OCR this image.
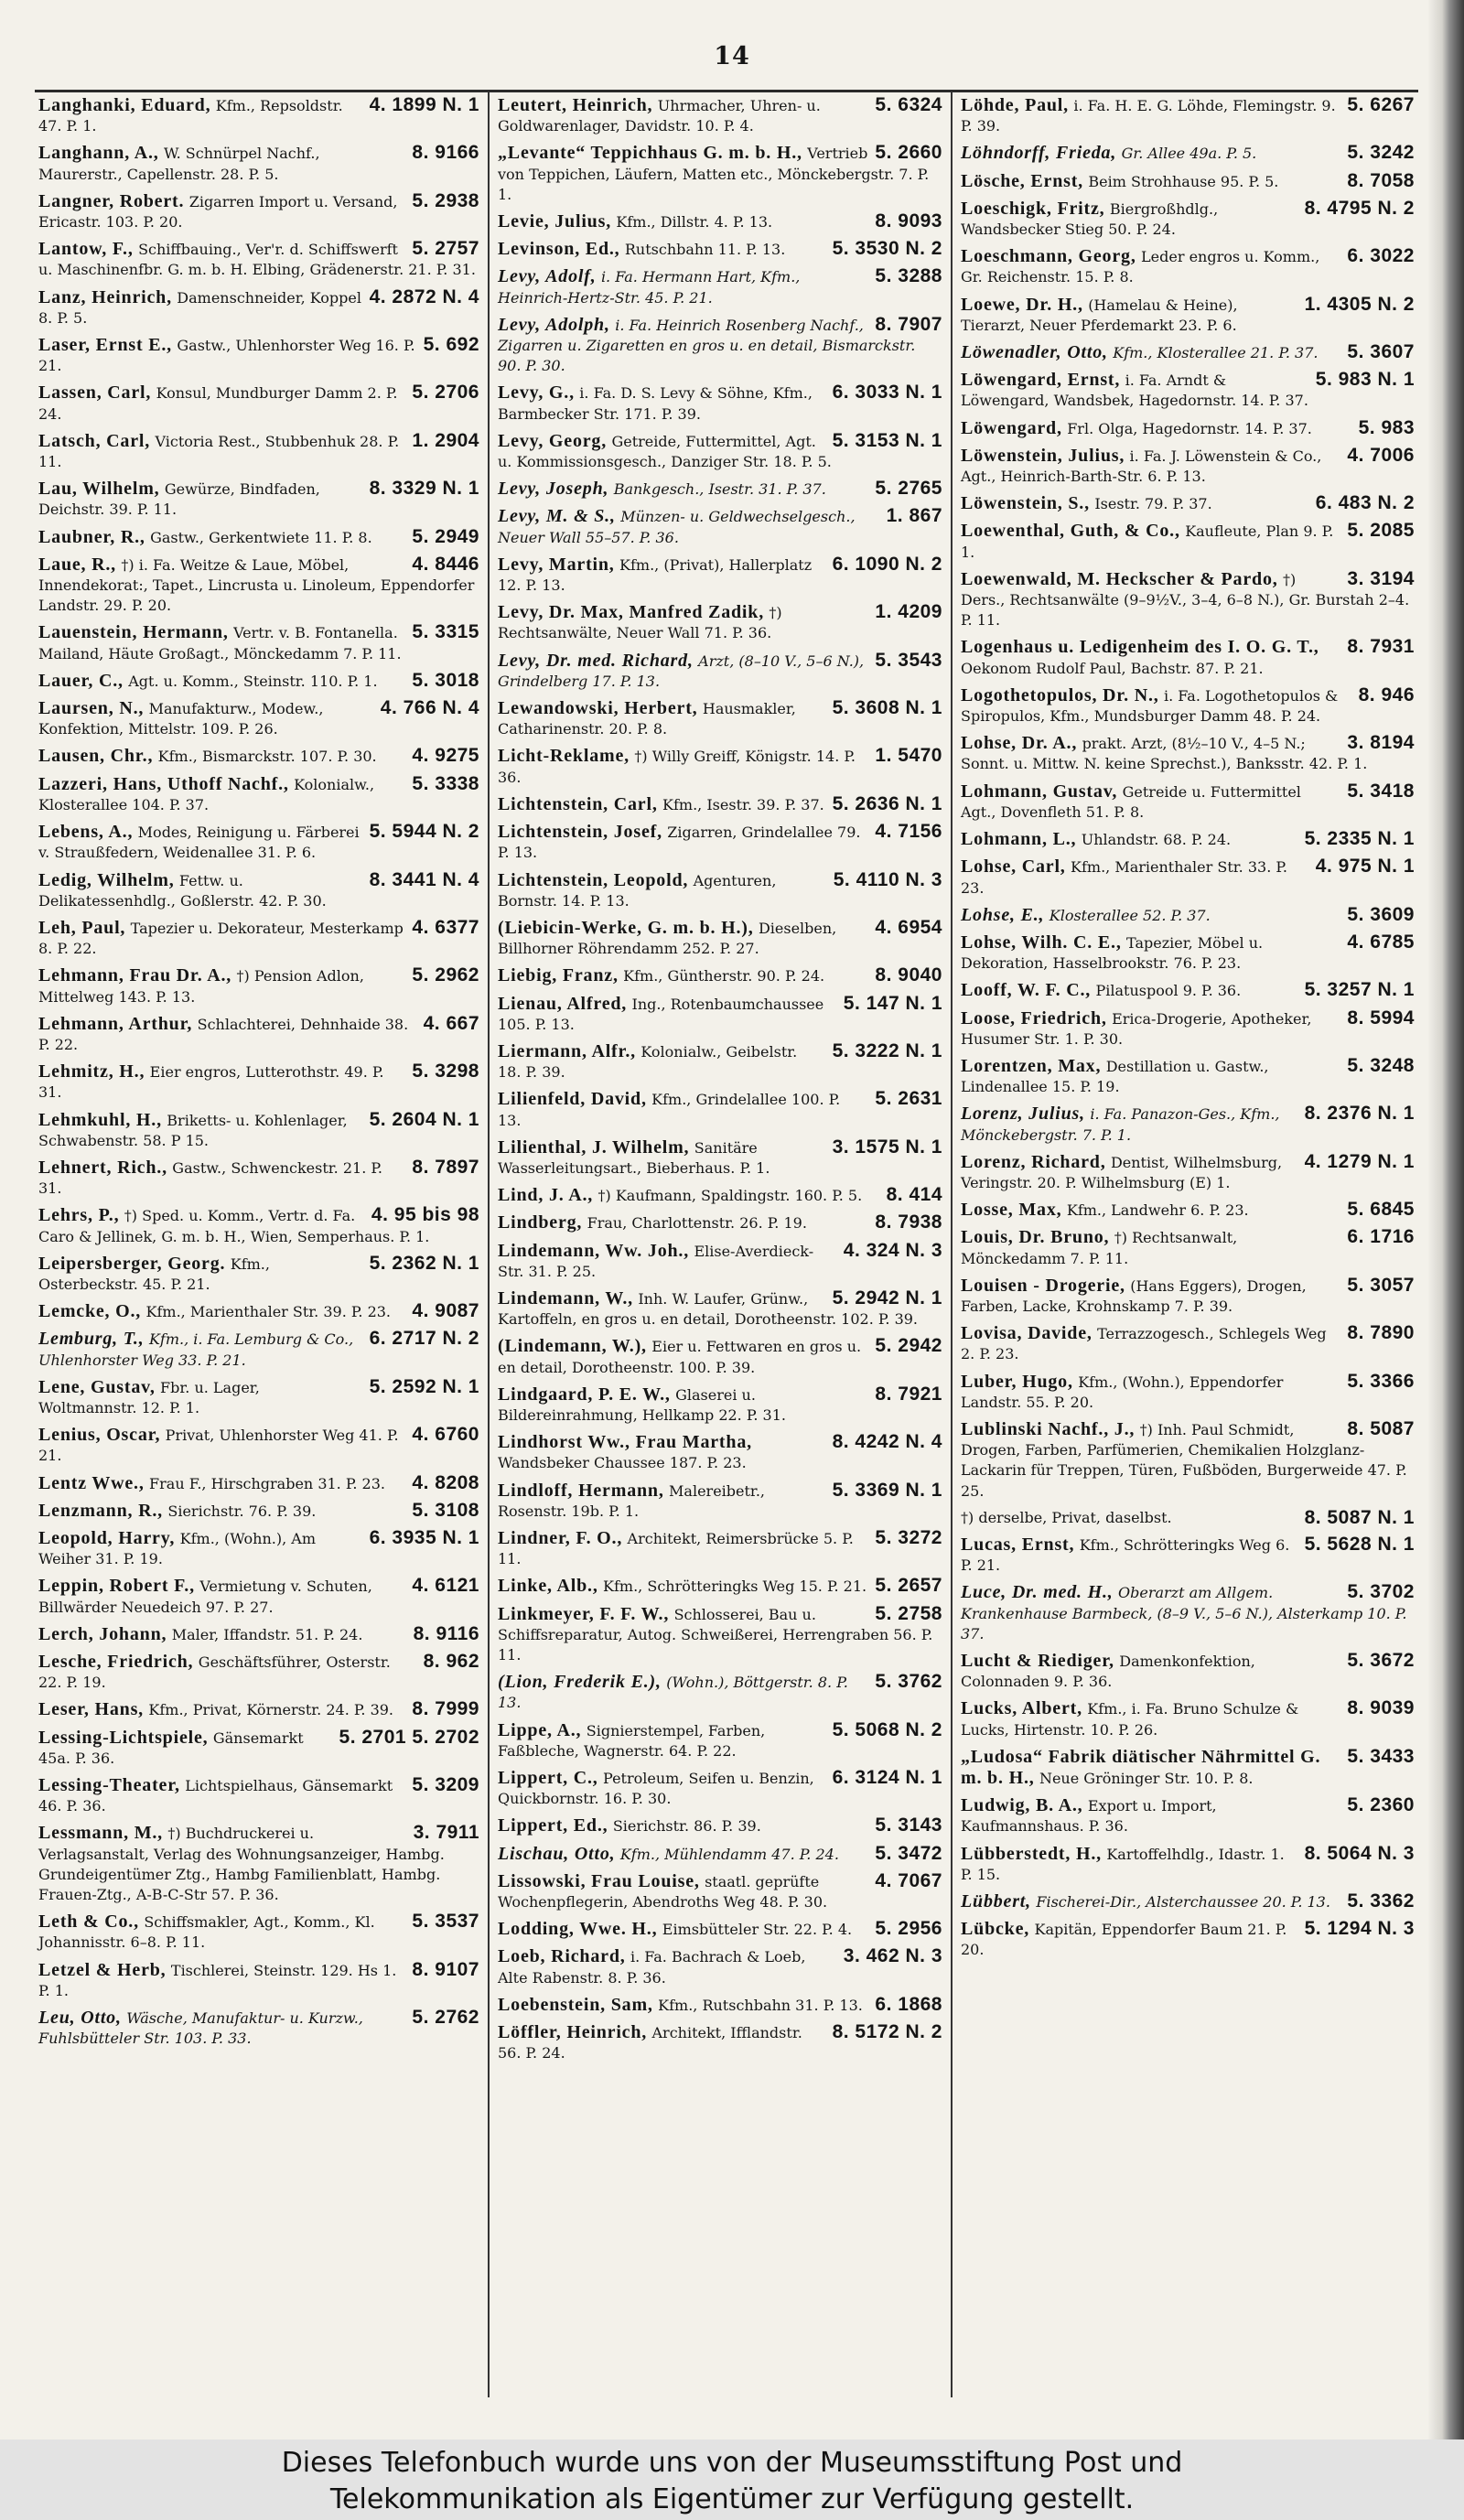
14
4. 1899 N. 1
Langhanki, Eduard, Kfm., Repsoldstr. 47. P. 1.
8. 9166
Langhann, A., W. Schnürpel Nachf., Maurerstr., Capellenstr. 28. P. 5.
5. 2938
Langner, Robert. Zigarren Import u. Versand, Ericastr. 103. P. 20.
5. 2757
Lantow, F., Schiffbauing., Ver'r. d. Schiffswerft u. Maschinenfbr. G. m. b. H. Elbing, Grädenerstr. 21. P. 31.
4. 2872 N. 4
Lanz, Heinrich, Damenschneider, Koppel 8. P. 5.
5. 692
Laser, Ernst E., Gastw., Uhlenhorster Weg 16. P. 21.
5. 2706
Lassen, Carl, Konsul, Mundburger Damm 2. P. 24.
1. 2904
Latsch, Carl, Victoria Rest., Stubbenhuk 28. P. 11.
8. 3329 N. 1
Lau, Wilhelm, Gewürze, Bindfaden, Deichstr. 39. P. 11.
5. 2949
Laubner, R., Gastw., Gerkentwiete 11. P. 8.
4. 8446
Laue, R., †) i. Fa. Weitze & Laue, Möbel, Innendekorat:, Tapet., Lincrusta u. Linoleum, Eppendorfer Landstr. 29. P. 20.
5. 3315
Lauenstein, Hermann, Vertr. v. B. Fontanella. Mailand, Häute Großagt., Mönckedamm 7. P. 11.
5. 3018
Lauer, C., Agt. u. Komm., Steinstr. 110. P. 1.
4. 766 N. 4
Laursen, N., Manufakturw., Modew., Konfektion, Mittelstr. 109. P. 26.
4. 9275
Lausen, Chr., Kfm., Bismarckstr. 107. P. 30.
5. 3338
Lazzeri, Hans, Uthoff Nachf., Kolonialw., Klosterallee 104. P. 37.
5. 5944 N. 2
Lebens, A., Modes, Reinigung u. Färberei v. Straußfedern, Weidenallee 31. P. 6.
8. 3441 N. 4
Ledig, Wilhelm, Fettw. u. Delikatessenhdlg., Goßlerstr. 42. P. 30.
4. 6377
Leh, Paul, Tapezier u. Dekorateur, Mesterkamp 8. P. 22.
5. 2962
Lehmann, Frau Dr. A., †) Pension Adlon, Mittelweg 143. P. 13.
4. 667
Lehmann, Arthur, Schlachterei, Dehnhaide 38. P. 22.
5. 3298
Lehmitz, H., Eier engros, Lutterothstr. 49. P. 31.
5. 2604 N. 1
Lehmkuhl, H., Briketts- u. Kohlenlager, Schwabenstr. 58. P 15.
8. 7897
Lehnert, Rich., Gastw., Schwenckestr. 21. P. 31.
4. 95 bis 98
Lehrs, P., †) Sped. u. Komm., Vertr. d. Fa. Caro & Jellinek, G. m. b. H., Wien, Semperhaus. P. 1.
5. 2362 N. 1
Leipersberger, Georg. Kfm., Osterbeckstr. 45. P. 21.
4. 9087
Lemcke, O., Kfm., Marienthaler Str. 39. P. 23.
6. 2717 N. 2
Lemburg, T., Kfm., i. Fa. Lemburg & Co., Uhlenhorster Weg 33. P. 21.
5. 2592 N. 1
Lene, Gustav, Fbr. u. Lager, Woltmannstr. 12. P. 1.
4. 6760
Lenius, Oscar, Privat, Uhlenhorster Weg 41. P. 21.
4. 8208
Lentz Wwe., Frau F., Hirschgraben 31. P. 23.
5. 3108
Lenzmann, R., Sierichstr. 76. P. 39.
6. 3935 N. 1
Leopold, Harry, Kfm., (Wohn.), Am Weiher 31. P. 19.
4. 6121
Leppin, Robert F., Vermietung v. Schuten, Billwärder Neuedeich 97. P. 27.
8. 9116
Lerch, Johann, Maler, Iffandstr. 51. P. 24.
8. 962
Lesche, Friedrich, Geschäftsführer, Osterstr. 22. P. 19.
8. 7999
Leser, Hans, Kfm., Privat, Körnerstr. 24. P. 39.
5. 2701 5. 2702
Lessing-Lichtspiele, Gänsemarkt 45a. P. 36.
5. 3209
Lessing-Theater, Lichtspielhaus, Gänsemarkt 46. P. 36.
3. 7911
Lessmann, M., †) Buchdruckerei u. Verlagsanstalt, Verlag des Wohnungsanzeiger, Hambg. Grundeigentümer Ztg., Hambg Familienblatt, Hambg. Frauen-Ztg., A-B-C-Str 57. P. 36.
5. 3537
Leth & Co., Schiffsmakler, Agt., Komm., Kl. Johannisstr. 6–8. P. 11.
8. 9107
Letzel & Herb, Tischlerei, Steinstr. 129. Hs 1. P. 1.
5. 2762
Leu, Otto, Wäsche, Manufaktur- u. Kurzw., Fuhlsbütteler Str. 103. P. 33.
5. 6324
Leutert, Heinrich, Uhrmacher, Uhren- u. Goldwarenlager, Davidstr. 10. P. 4.
5. 2660
„Levante“ Teppichhaus G. m. b. H., Vertrieb von Teppichen, Läufern, Matten etc., Mönckebergstr. 7. P. 1.
8. 9093
Levie, Julius, Kfm., Dillstr. 4. P. 13.
5. 3530 N. 2
Levinson, Ed., Rutschbahn 11. P. 13.
5. 3288
Levy, Adolf, i. Fa. Hermann Hart, Kfm., Heinrich-Hertz-Str. 45. P. 21.
8. 7907
Levy, Adolph, i. Fa. Heinrich Rosenberg Nachf., Zigarren u. Zigaretten en gros u. en detail, Bismarckstr. 90. P. 30.
6. 3033 N. 1
Levy, G., i. Fa. D. S. Levy & Söhne, Kfm., Barmbecker Str. 171. P. 39.
5. 3153 N. 1
Levy, Georg, Getreide, Futtermittel, Agt. u. Kommissionsgesch., Danziger Str. 18. P. 5.
5. 2765
Levy, Joseph, Bankgesch., Isestr. 31. P. 37.
1. 867
Levy, M. & S., Münzen- u. Geldwechselgesch., Neuer Wall 55–57. P. 36.
6. 1090 N. 2
Levy, Martin, Kfm., (Privat), Hallerplatz 12. P. 13.
1. 4209
Levy, Dr. Max, Manfred Zadik, †) Rechtsanwälte, Neuer Wall 71. P. 36.
5. 3543
Levy, Dr. med. Richard, Arzt, (8–10 V., 5–6 N.), Grindelberg 17. P. 13.
5. 3608 N. 1
Lewandowski, Herbert, Hausmakler, Catharinenstr. 20. P. 8.
1. 5470
Licht-Reklame, †) Willy Greiff, Königstr. 14. P. 36.
5. 2636 N. 1
Lichtenstein, Carl, Kfm., Isestr. 39. P. 37.
4. 7156
Lichtenstein, Josef, Zigarren, Grindelallee 79. P. 13.
5. 4110 N. 3
Lichtenstein, Leopold, Agenturen, Bornstr. 14. P. 13.
4. 6954
(Liebicin-Werke, G. m. b. H.), Dieselben, Billhorner Röhrendamm 252. P. 27.
8. 9040
Liebig, Franz, Kfm., Güntherstr. 90. P. 24.
5. 147 N. 1
Lienau, Alfred, Ing., Rotenbaumchaussee 105. P. 13.
5. 3222 N. 1
Liermann, Alfr., Kolonialw., Geibelstr. 18. P. 39.
5. 2631
Lilienfeld, David, Kfm., Grindelallee 100. P. 13.
3. 1575 N. 1
Lilienthal, J. Wilhelm, Sanitäre Wasserleitungsart., Bieberhaus. P. 1.
8. 414
Lind, J. A., †) Kaufmann, Spaldingstr. 160. P. 5.
8. 7938
Lindberg, Frau, Charlottenstr. 26. P. 19.
4. 324 N. 3
Lindemann, Ww. Joh., Elise-Averdieck-Str. 31. P. 25.
5. 2942 N. 1
Lindemann, W., Inh. W. Laufer, Grünw., Kartoffeln, en gros u. en detail, Dorotheenstr. 102. P. 39.
5. 2942
(Lindemann, W.), Eier u. Fettwaren en gros u. en detail, Dorotheenstr. 100. P. 39.
8. 7921
Lindgaard, P. E. W., Glaserei u. Bildereinrahmung, Hellkamp 22. P. 31.
8. 4242 N. 4
Lindhorst Ww., Frau Martha, Wandsbeker Chaussee 187. P. 23.
5. 3369 N. 1
Lindloff, Hermann, Malereibetr., Rosenstr. 19b. P. 1.
5. 3272
Lindner, F. O., Architekt, Reimersbrücke 5. P. 11.
5. 2657
Linke, Alb., Kfm., Schrötteringks Weg 15. P. 21.
5. 2758
Linkmeyer, F. F. W., Schlosserei, Bau u. Schiffsreparatur, Autog. Schweißerei, Herrengraben 56. P. 11.
5. 3762
(Lion, Frederik E.), (Wohn.), Böttgerstr. 8. P. 13.
5. 5068 N. 2
Lippe, A., Signierstempel, Farben, Faßbleche, Wagnerstr. 64. P. 22.
6. 3124 N. 1
Lippert, C., Petroleum, Seifen u. Benzin, Quickbornstr. 16. P. 30.
5. 3143
Lippert, Ed., Sierichstr. 86. P. 39.
5. 3472
Lischau, Otto, Kfm., Mühlendamm 47. P. 24.
4. 7067
Lissowski, Frau Louise, staatl. geprüfte Wochenpflegerin, Abendroths Weg 48. P. 30.
5. 2956
Lodding, Wwe. H., Eimsbütteler Str. 22. P. 4.
3. 462 N. 3
Loeb, Richard, i. Fa. Bachrach & Loeb, Alte Rabenstr. 8. P. 36.
6. 1868
Loebenstein, Sam, Kfm., Rutschbahn 31. P. 13.
8. 5172 N. 2
Löffler, Heinrich, Architekt, Ifflandstr. 56. P. 24.
5. 6267
Löhde, Paul, i. Fa. H. E. G. Löhde, Flemingstr. 9. P. 39.
5. 3242
Löhndorff, Frieda, Gr. Allee 49a. P. 5.
8. 7058
Lösche, Ernst, Beim Strohhause 95. P. 5.
8. 4795 N. 2
Loeschigk, Fritz, Biergroßhdlg., Wandsbecker Stieg 50. P. 24.
6. 3022
Loeschmann, Georg, Leder engros u. Komm., Gr. Reichenstr. 15. P. 8.
1. 4305 N. 2
Loewe, Dr. H., (Hamelau & Heine), Tierarzt, Neuer Pferdemarkt 23. P. 6.
5. 3607
Löwenadler, Otto, Kfm., Klosterallee 21. P. 37.
5. 983 N. 1
Löwengard, Ernst, i. Fa. Arndt & Löwengard, Wandsbek, Hagedornstr. 14. P. 37.
5. 983
Löwengard, Frl. Olga, Hagedornstr. 14. P. 37.
4. 7006
Löwenstein, Julius, i. Fa. J. Löwenstein & Co., Agt., Heinrich-Barth-Str. 6. P. 13.
6. 483 N. 2
Löwenstein, S., Isestr. 79. P. 37.
5. 2085
Loewenthal, Guth, & Co., Kaufleute, Plan 9. P. 1.
3. 3194
Loewenwald, M. Heckscher & Pardo, †) Ders., Rechtsanwälte (9–9½V., 3–4, 6–8 N.), Gr. Burstah 2–4. P. 11.
8. 7931
Logenhaus u. Ledigenheim des I. O. G. T., Oekonom Rudolf Paul, Bachstr. 87. P. 21.
8. 946
Logothetopulos, Dr. N., i. Fa. Logothetopulos & Spiropulos, Kfm., Mundsburger Damm 48. P. 24.
3. 8194
Lohse, Dr. A., prakt. Arzt, (8½–10 V., 4–5 N.; Sonnt. u. Mittw. N. keine Sprechst.), Banksstr. 42. P. 1.
5. 3418
Lohmann, Gustav, Getreide u. Futtermittel Agt., Dovenfleth 51. P. 8.
5. 2335 N. 1
Lohmann, L., Uhlandstr. 68. P. 24.
4. 975 N. 1
Lohse, Carl, Kfm., Marienthaler Str. 33. P. 23.
5. 3609
Lohse, E., Klosterallee 52. P. 37.
4. 6785
Lohse, Wilh. C. E., Tapezier, Möbel u. Dekoration, Hasselbrookstr. 76. P. 23.
5. 3257 N. 1
Looff, W. F. C., Pilatuspool 9. P. 36.
8. 5994
Loose, Friedrich, Erica-Drogerie, Apotheker, Husumer Str. 1. P. 30.
5. 3248
Lorentzen, Max, Destillation u. Gastw., Lindenallee 15. P. 19.
8. 2376 N. 1
Lorenz, Julius, i. Fa. Panazon-Ges., Kfm., Mönckebergstr. 7. P. 1.
4. 1279 N. 1
Lorenz, Richard, Dentist, Wilhelmsburg, Veringstr. 20. P. Wilhelmsburg (E) 1.
5. 6845
Losse, Max, Kfm., Landwehr 6. P. 23.
6. 1716
Louis, Dr. Bruno, †) Rechtsanwalt, Mönckedamm 7. P. 11.
5. 3057
Louisen - Drogerie, (Hans Eggers), Drogen, Farben, Lacke, Krohnskamp 7. P. 39.
8. 7890
Lovisa, Davide, Terrazzogesch., Schlegels Weg 2. P. 23.
5. 3366
Luber, Hugo, Kfm., (Wohn.), Eppendorfer Landstr. 55. P. 20.
8. 5087
Lublinski Nachf., J., †) Inh. Paul Schmidt, Drogen, Farben, Parfümerien, Chemikalien Holzglanz-Lackarin für Treppen, Türen, Fußböden, Burgerweide 47. P. 25.
8. 5087 N. 1
†) derselbe, Privat, daselbst.
5. 5628 N. 1
Lucas, Ernst, Kfm., Schrötteringks Weg 6. P. 21.
5. 3702
Luce, Dr. med. H., Oberarzt am Allgem. Krankenhause Barmbeck, (8–9 V., 5–6 N.), Alsterkamp 10. P. 37.
5. 3672
Lucht & Riediger, Damenkonfektion, Colonnaden 9. P. 36.
8. 9039
Lucks, Albert, Kfm., i. Fa. Bruno Schulze & Lucks, Hirtenstr. 10. P. 26.
5. 3433
„Ludosa“ Fabrik diätischer Nährmittel G. m. b. H., Neue Gröninger Str. 10. P. 8.
5. 2360
Ludwig, B. A., Export u. Import, Kaufmannshaus. P. 36.
8. 5064 N. 3
Lübberstedt, H., Kartoffelhdlg., Idastr. 1. P. 15.
5. 3362
Lübbert, Fischerei-Dir., Alsterchaussee 20. P. 13.
5. 1294 N. 3
Lübcke, Kapitän, Eppendorfer Baum 21. P. 20.
Dieses Telefonbuch wurde uns von der Museumsstiftung Post und
Telekommunikation als Eigentümer zur Verfügung gestellt.
